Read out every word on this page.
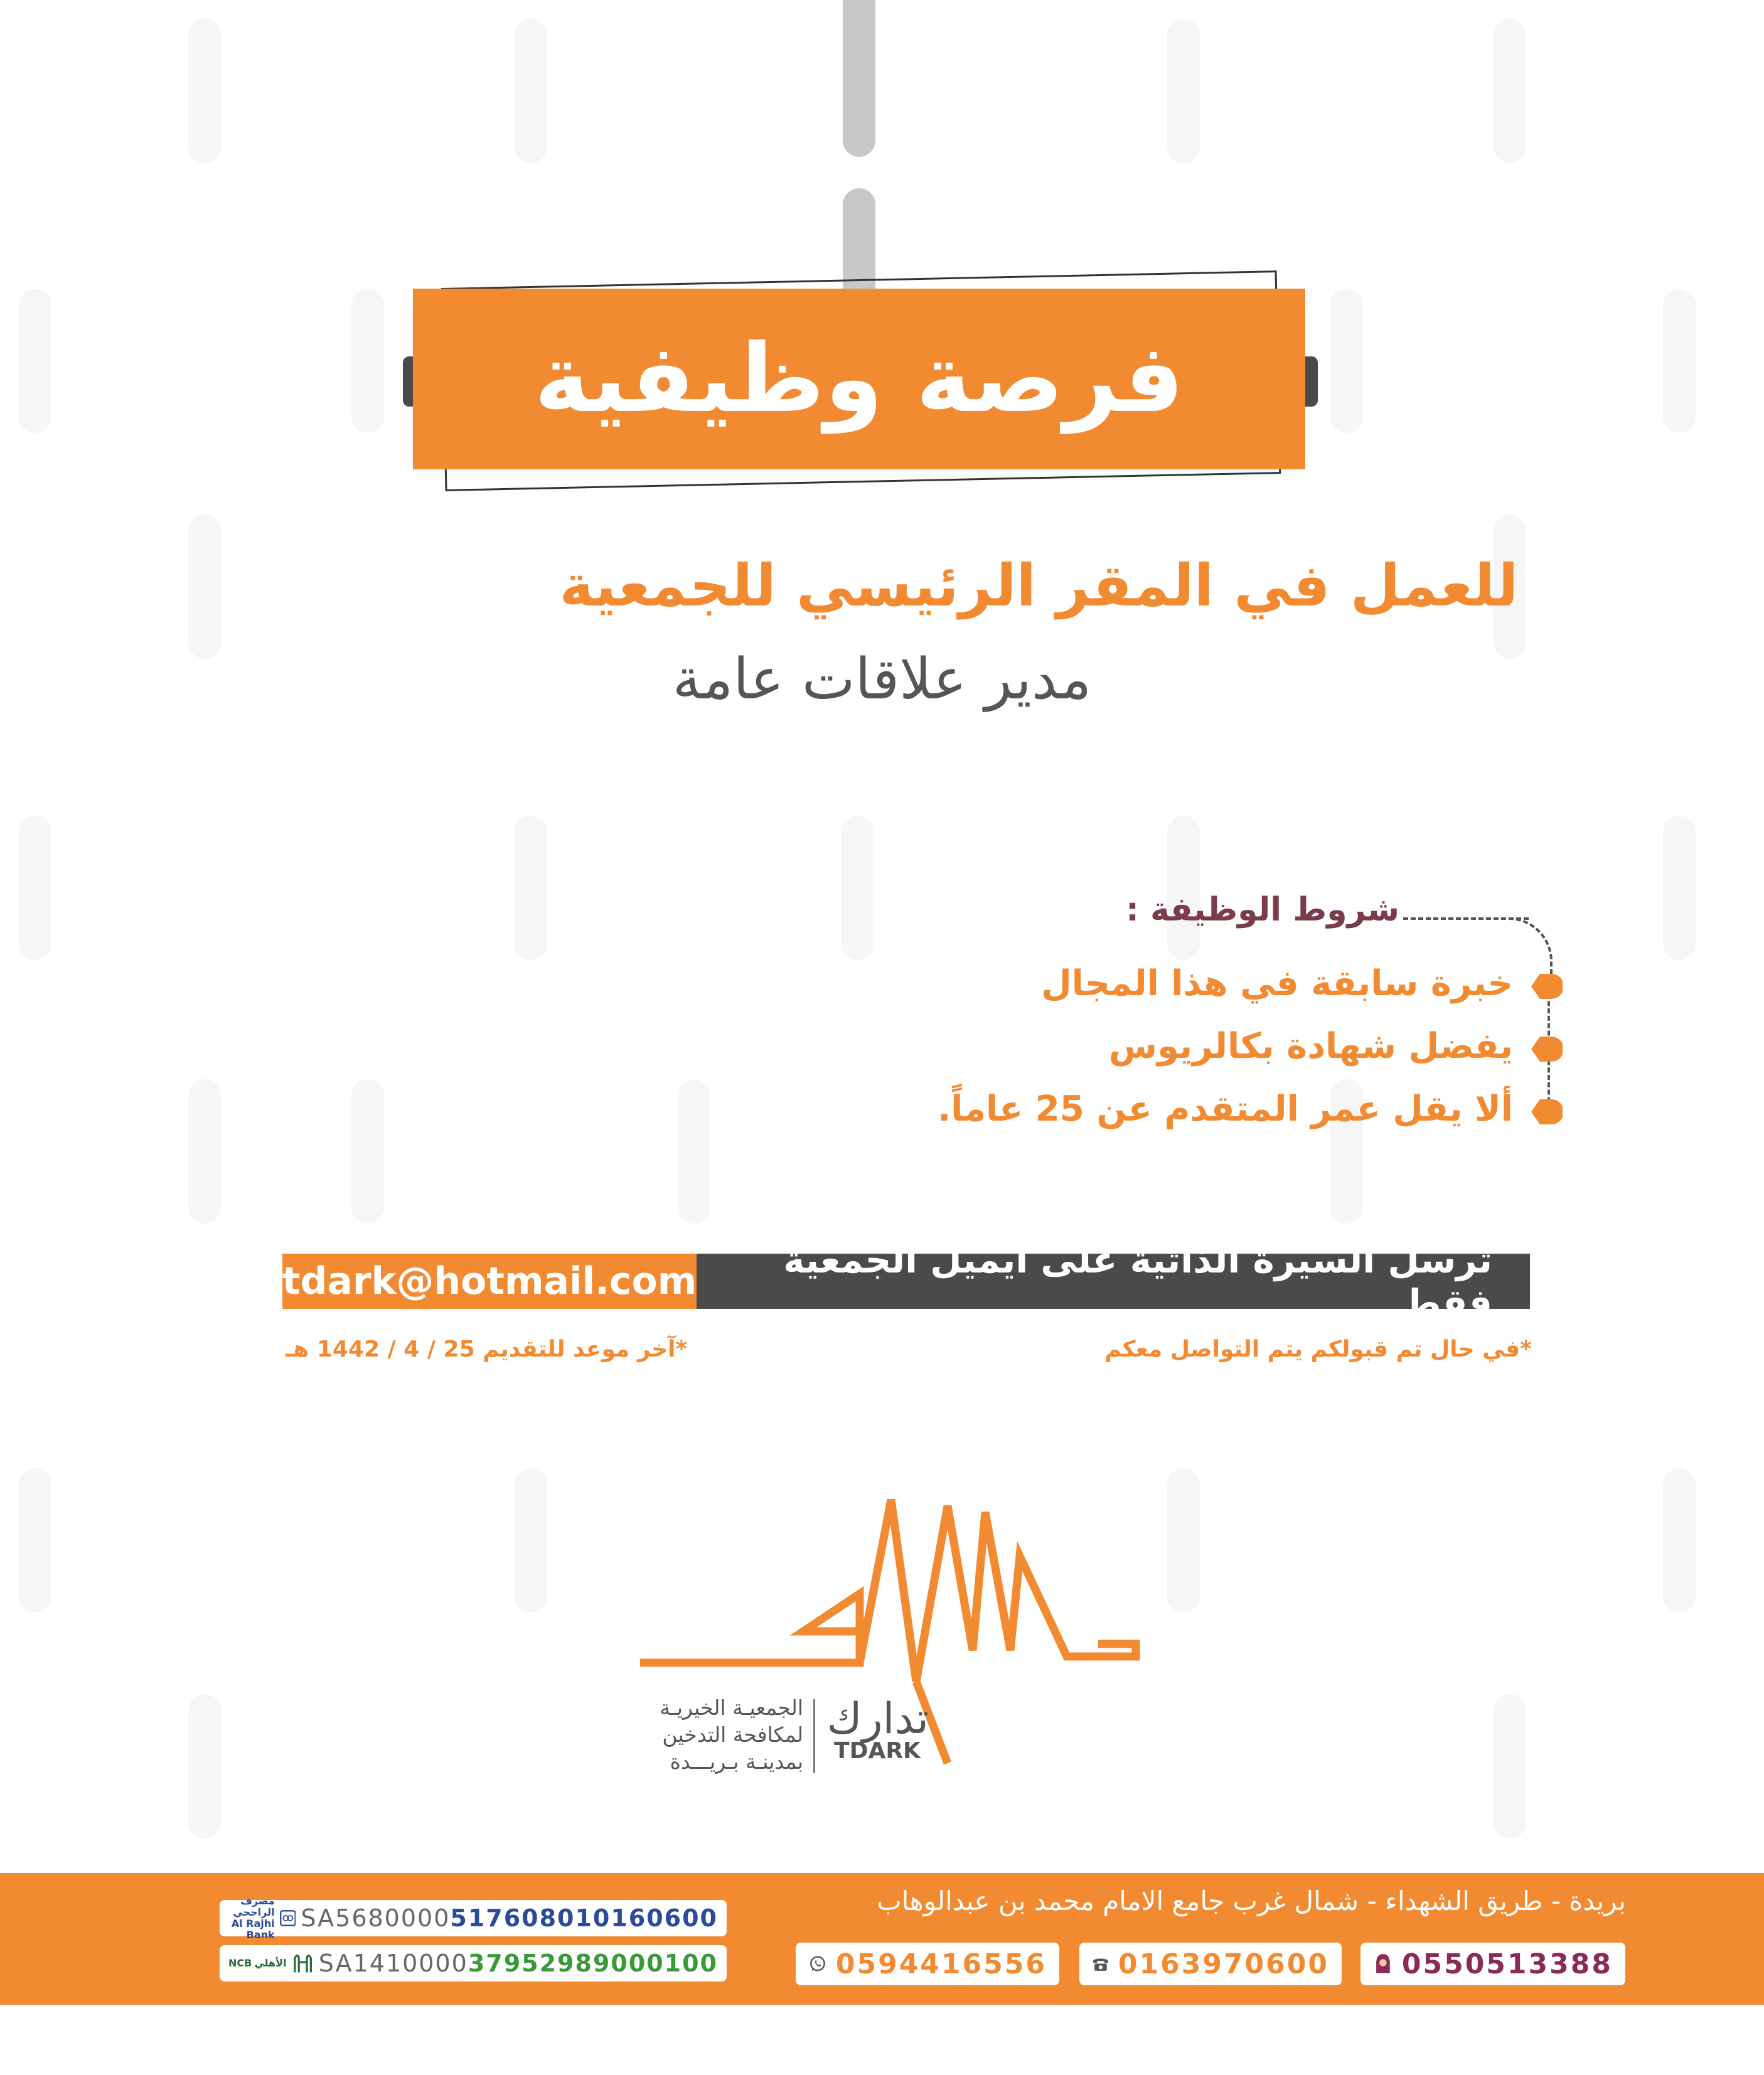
فرصة وظيفية
للعمل في المقر الرئيسي للجمعية
مدير علاقات عامة
شروط الوظيفة :
خبرة سابقة في هذا المجال
يفضل شهادة بكالريوس
ألا يقل عمر المتقدم عن 25 عاماً.
tdark@hotmail.com	ترسل السيرة الذاتية على ايميل الجمعية فقط
*في حال تم قبولكم يتم التواصل معكم
*آخر موعد للتقديم 25 / 4 / 1442 هـ
تدارك
TDARK
الجمعيـة الخيريـة
لمكافحة التدخين
بمدينـة بـريـــدة
بريدة - طريق الشهداء - شمال غرب جامع الامام محمد بن عبدالوهاب
0550513388
0163970600
0594416556
مصرف الراجحي
Al Rajhi Bank
SA5680000517608010160600
NCB الأهلي SA141000037952989000100
